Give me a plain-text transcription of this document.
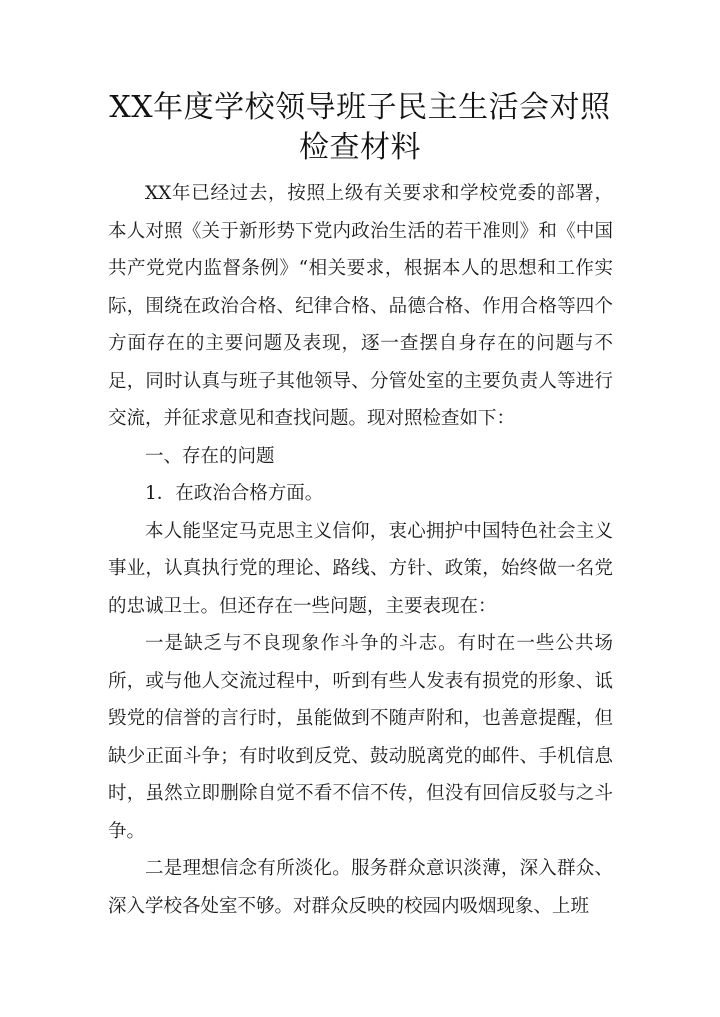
XX年度学校领导班子民主生活会对照检查材料

XX年已经过去，按照上级有关要求和学校党委的部署，本人对照《关于新形势下党内政治生活的若干准则》和《中国共产党党内监督条例》“相关要求，根据本人的思想和工作实际，围绕在政治合格、纪律合格、品德合格、作用合格等四个方面存在的主要问题及表现，逐一查摆自身存在的问题与不足，同时认真与班子其他领导、分管处室的主要负责人等进行交流，并征求意见和查找问题。现对照检查如下：

一、存在的问题

1．在政治合格方面。

本人能坚定马克思主义信仰，衷心拥护中国特色社会主义事业，认真执行党的理论、路线、方针、政策，始终做一名党的忠诚卫士。但还存在一些问题，主要表现在：

一是缺乏与不良现象作斗争的斗志。有时在一些公共场所，或与他人交流过程中，听到有些人发表有损党的形象、诋毁党的信誉的言行时，虽能做到不随声附和，也善意提醒，但缺少正面斗争；有时收到反党、鼓动脱离党的邮件、手机信息时，虽然立即删除自觉不看不信不传，但没有回信反驳与之斗争。

二是理想信念有所淡化。服务群众意识淡薄，深入群众、深入学校各处室不够。对群众反映的校园内吸烟现象、上班
